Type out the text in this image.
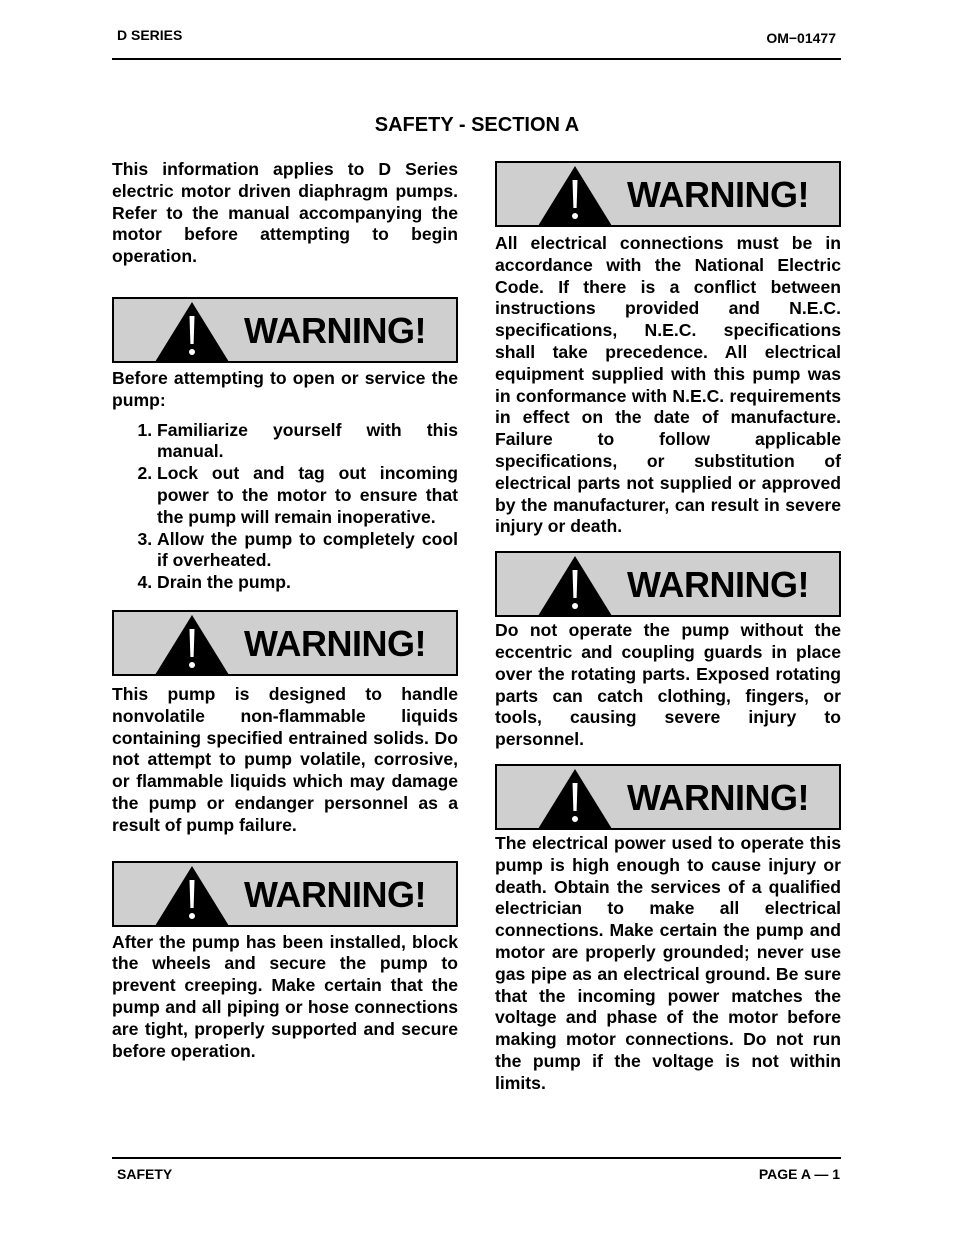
D SERIES	OM−01477
SAFETY - SECTION A

This information applies to D Series electric motor driven diaphragm pumps. Refer to the manual accompanying the motor before attempting to begin operation.

WARNING!

Before attempting to open or service the pump:

1. Familiarize yourself with this manual.
2. Lock out and tag out incoming power to the motor to ensure that the pump will remain inoperative.
3. Allow the pump to completely cool if overheated.
4. Drain the pump.
WARNING!

This pump is designed to handle nonvolatile non-flammable liquids containing specified entrained solids. Do not attempt to pump volatile, corrosive, or flammable liquids which may damage the pump or endanger personnel as a result of pump failure.

WARNING!

After the pump has been installed, block the wheels and secure the pump to prevent creeping. Make certain that the pump and all piping or hose connections are tight, properly supported and secure before operation.

WARNING!

All electrical connections must be in accordance with the National Electric Code. If there is a conflict between instructions provided and N.E.C. specifications, N.E.C. specifications shall take precedence. All electrical equipment supplied with this pump was in conformance with N.E.C. requirements in effect on the date of manufacture. Failure to follow applicable specifications, or substitution of electrical parts not supplied or approved by the manufacturer, can result in severe injury or death.

WARNING!

Do not operate the pump without the eccentric and coupling guards in place over the rotating parts. Exposed rotating parts can catch clothing, fingers, or tools, causing severe injury to personnel.

WARNING!

The electrical power used to operate this pump is high enough to cause injury or death. Obtain the services of a qualified electrician to make all electrical connections. Make certain the pump and motor are properly grounded; never use gas pipe as an electrical ground. Be sure that the incoming power matches the voltage and phase of the motor before making motor connections. Do not run the pump if the voltage is not within limits.

SAFETY	PAGE A — 1
